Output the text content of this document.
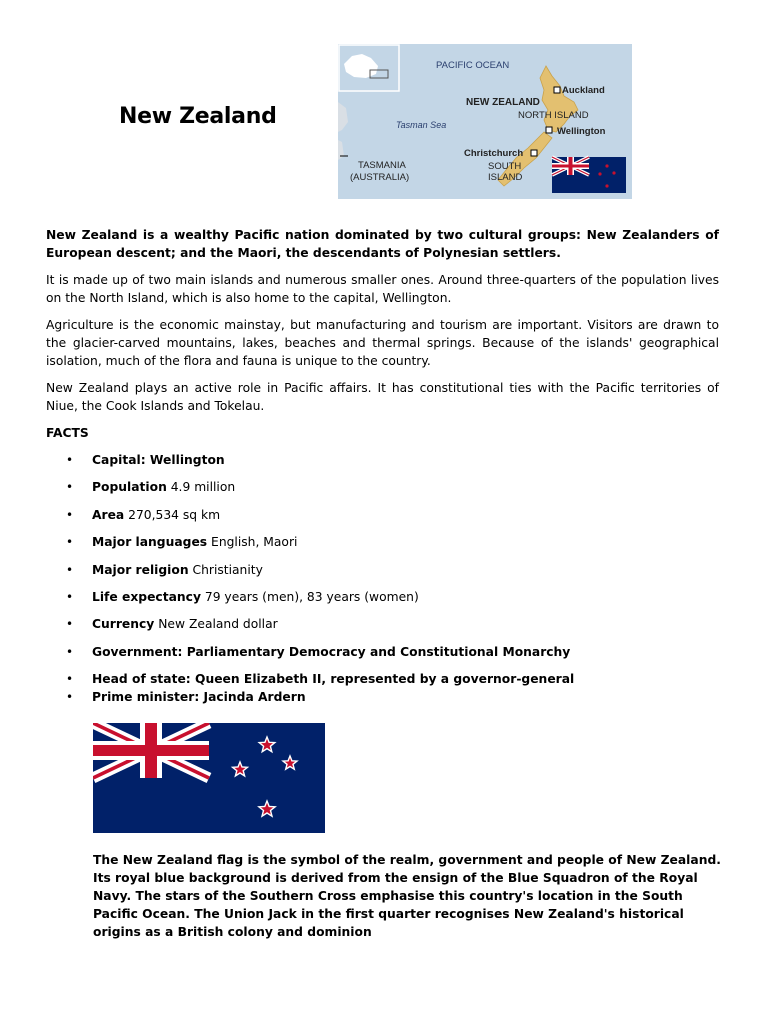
New Zealand
PACIFIC OCEAN
NEW ZEALAND
Tasman Sea
NORTH ISLAND
Auckland
Wellington
Christchurch
SOUTH
ISLAND
TASMANIA
(AUSTRALIA)

New Zealand is a wealthy Pacific nation dominated by two cultural groups: New Zealanders of European descent; and the Maori, the descendants of Polynesian settlers.

It is made up of two main islands and numerous smaller ones. Around three-quarters of the population lives on the North Island, which is also home to the capital, Wellington.

Agriculture is the economic mainstay, but manufacturing and tourism are important. Visitors are drawn to the glacier-carved mountains, lakes, beaches and thermal springs. Because of the islands' geographical isolation, much of the flora and fauna is unique to the country.

New Zealand plays an active role in Pacific affairs. It has constitutional ties with the Pacific territories of Niue, the Cook Islands and Tokelau.

FACTS

• Capital: Wellington
• Population 4.9 million
• Area 270,534 sq km
• Major languages English, Maori
• Major religion Christianity
• Life expectancy 79 years (men), 83 years (women)
• Currency New Zealand dollar
• Government: Parliamentary Democracy and Constitutional Monarchy
• Head of state: Queen Elizabeth II, represented by a governor-general
• Prime minister: Jacinda Ardern
The New Zealand flag is the symbol of the realm, government and people of New Zealand. Its royal blue background is derived from the ensign of the Blue Squadron of the Royal Navy. The stars of the Southern Cross emphasise this country's location in the South Pacific Ocean. The Union Jack in the first quarter recognises New Zealand's historical origins as a British colony and dominion
